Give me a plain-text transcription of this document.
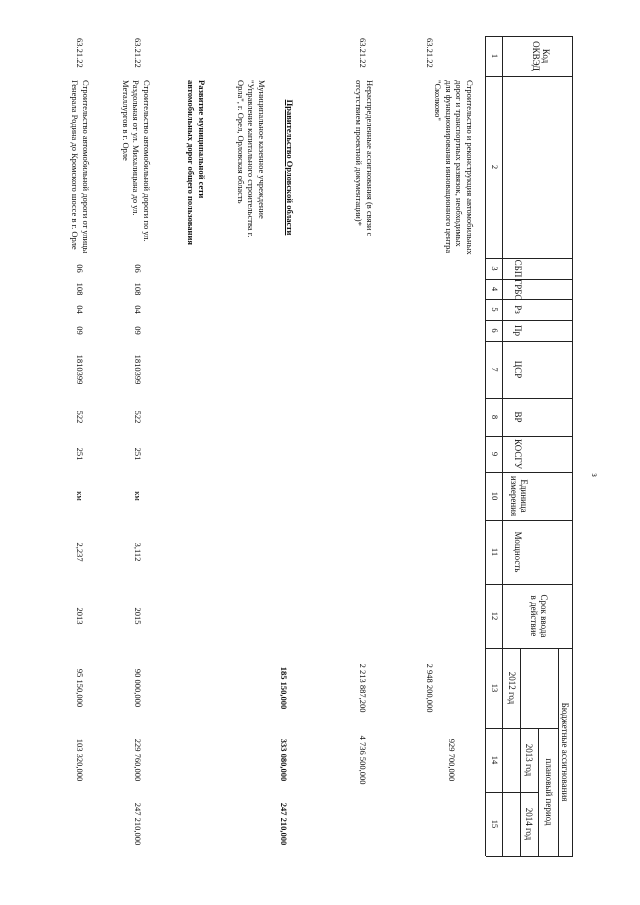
Код ОКВЭД
СБП
ГРБС
Рз
Пр
ЦСР
ВР
КОСГУ
Единица измерения
Мощность
Срок ввода в действие
Бюджетные ассигнования
2012 год
плановый период
2013 год
2014 год
1
2
3
4
5
6
7
8
9
10
11
12
13
14
15
63.21.22
Строительство и реконструкция автомобильных дорог и транспортных развязок, необходимых для функционирования инновационного центра "Сколково"
2 948 200,000
929 700,000
63.21.22
Нераспределенные ассигнования (в связи с отсутствием проектной документации)*
2 213 887,200
4 736 500,000
Правительство Орловской области
185 150,000
333 080,000
247 210,000
Муниципальное казенное учреждение "Управление капитального строительства г. Орла", г. Орел, Орловская область
Развитие муниципальной сети автомобильных дорог общего пользования
63.21.22
Строительство автомобильной дороги по ул. Раздольная от ул. Михалицына до ул. Металлургов в г. Орле
06
108
04
09
1810399
522
251
км
3,112
2015
90 000,000
229 760,000
247 210,000
63.21.22
Строительство автомобильной дороги от улицы Генерала Родина до Кромского шоссе в г. Орле
06
108
04
09
1810399
522
251
км
2,237
2013
95 150,000
103 320,000
з
